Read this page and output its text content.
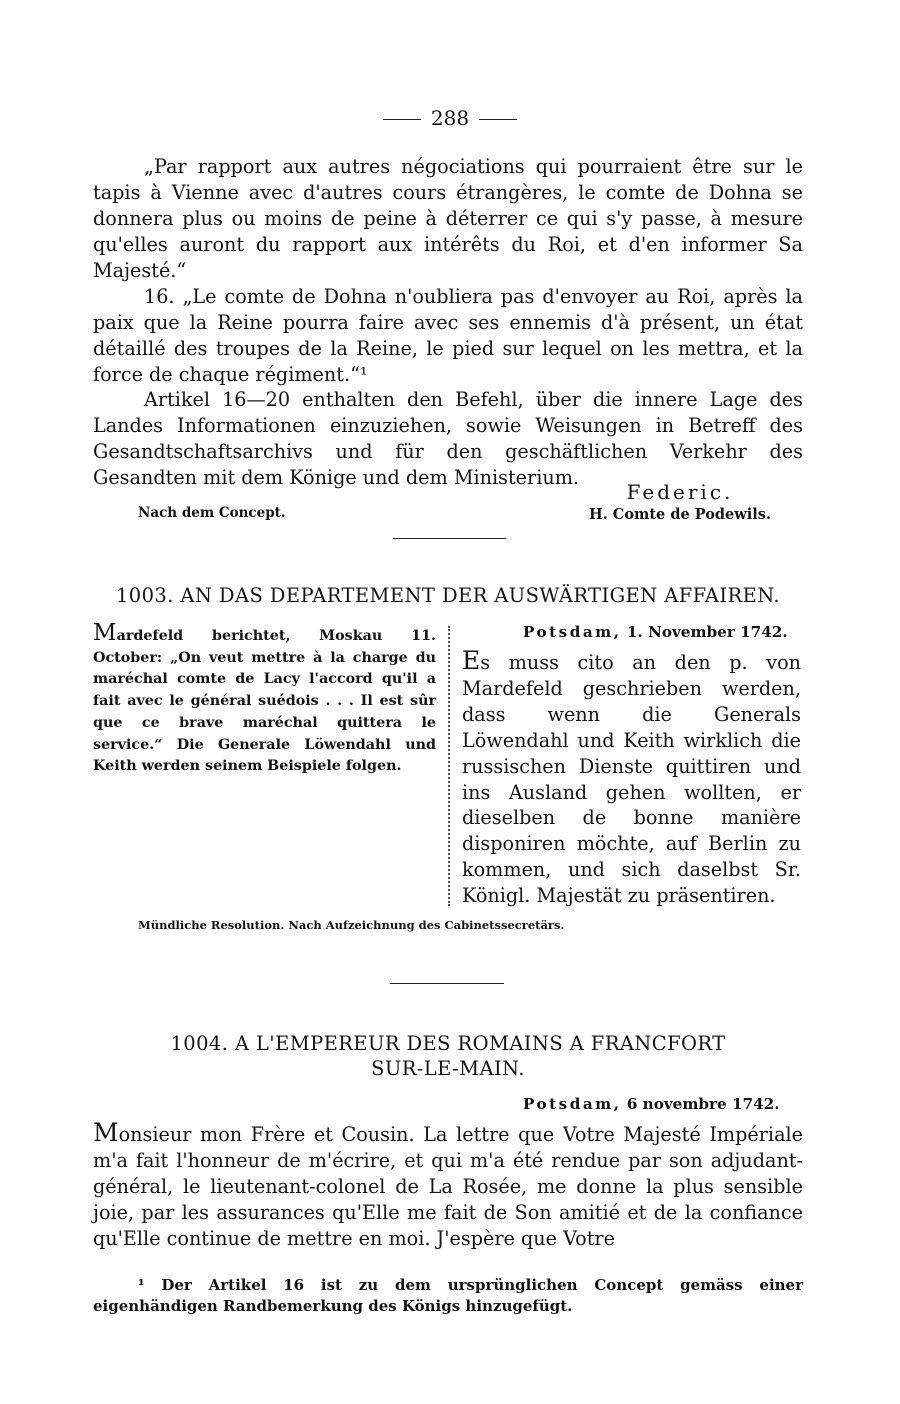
288

„Par rapport aux autres négociations qui pourraient être sur le tapis à Vienne avec d'autres cours étrangères, le comte de Dohna se donnera plus ou moins de peine à déterrer ce qui s'y passe, à mesure qu'elles auront du rapport aux intérêts du Roi, et d'en informer Sa Majesté.“

16. „Le comte de Dohna n'oubliera pas d'envoyer au Roi, après la paix que la Reine pourra faire avec ses ennemis d'à présent, un état détaillé des troupes de la Reine, le pied sur lequel on les mettra, et la force de chaque régiment.“¹

Artikel 16—20 enthalten den Befehl, über die innere Lage des Landes Informationen einzuziehen, sowie Weisungen in Betreff des Gesandtschaftsarchivs und für den geschäftlichen Verkehr des Gesandten mit dem Könige und dem Ministerium.

Nach dem Concept.
Federic.
H. Comte de Podewils.
1003. AN DAS DEPARTEMENT DER AUSWÄRTIGEN AFFAIREN.

Mardefeld berichtet, Moskau 11. October: „On veut mettre à la charge du maréchal comte de Lacy l'accord qu'il a fait avec le général suédois . . . Il est sûr que ce brave maréchal quittera le service.“ Die Generale Löwendahl und Keith werden seinem Beispiele folgen.

Potsdam, 1. November 1742.

Es muss cito an den p. von Mardefeld geschrieben werden, dass wenn die Generals Löwendahl und Keith wirklich die russischen Dienste quittiren und ins Ausland gehen wollten, er dieselben de bonne manière disponiren möchte, auf Berlin zu kommen, und sich daselbst Sr. Königl. Majestät zu präsentiren.

Mündliche Resolution. Nach Aufzeichnung des Cabinetssecretärs.
1004. A L'EMPEREUR DES ROMAINS A FRANCFORT
SUR-LE-MAIN.
Potsdam, 6 novembre 1742.

Monsieur mon Frère et Cousin. La lettre que Votre Majesté Impériale m'a fait l'honneur de m'écrire, et qui m'a été rendue par son adjudant-général, le lieutenant-colonel de La Rosée, me donne la plus sensible joie, par les assurances qu'Elle me fait de Son amitié et de la confiance qu'Elle continue de mettre en moi. J'espère que Votre

¹ Der Artikel 16 ist zu dem ursprünglichen Concept gemäss einer eigenhändigen Randbemerkung des Königs hinzugefügt.
